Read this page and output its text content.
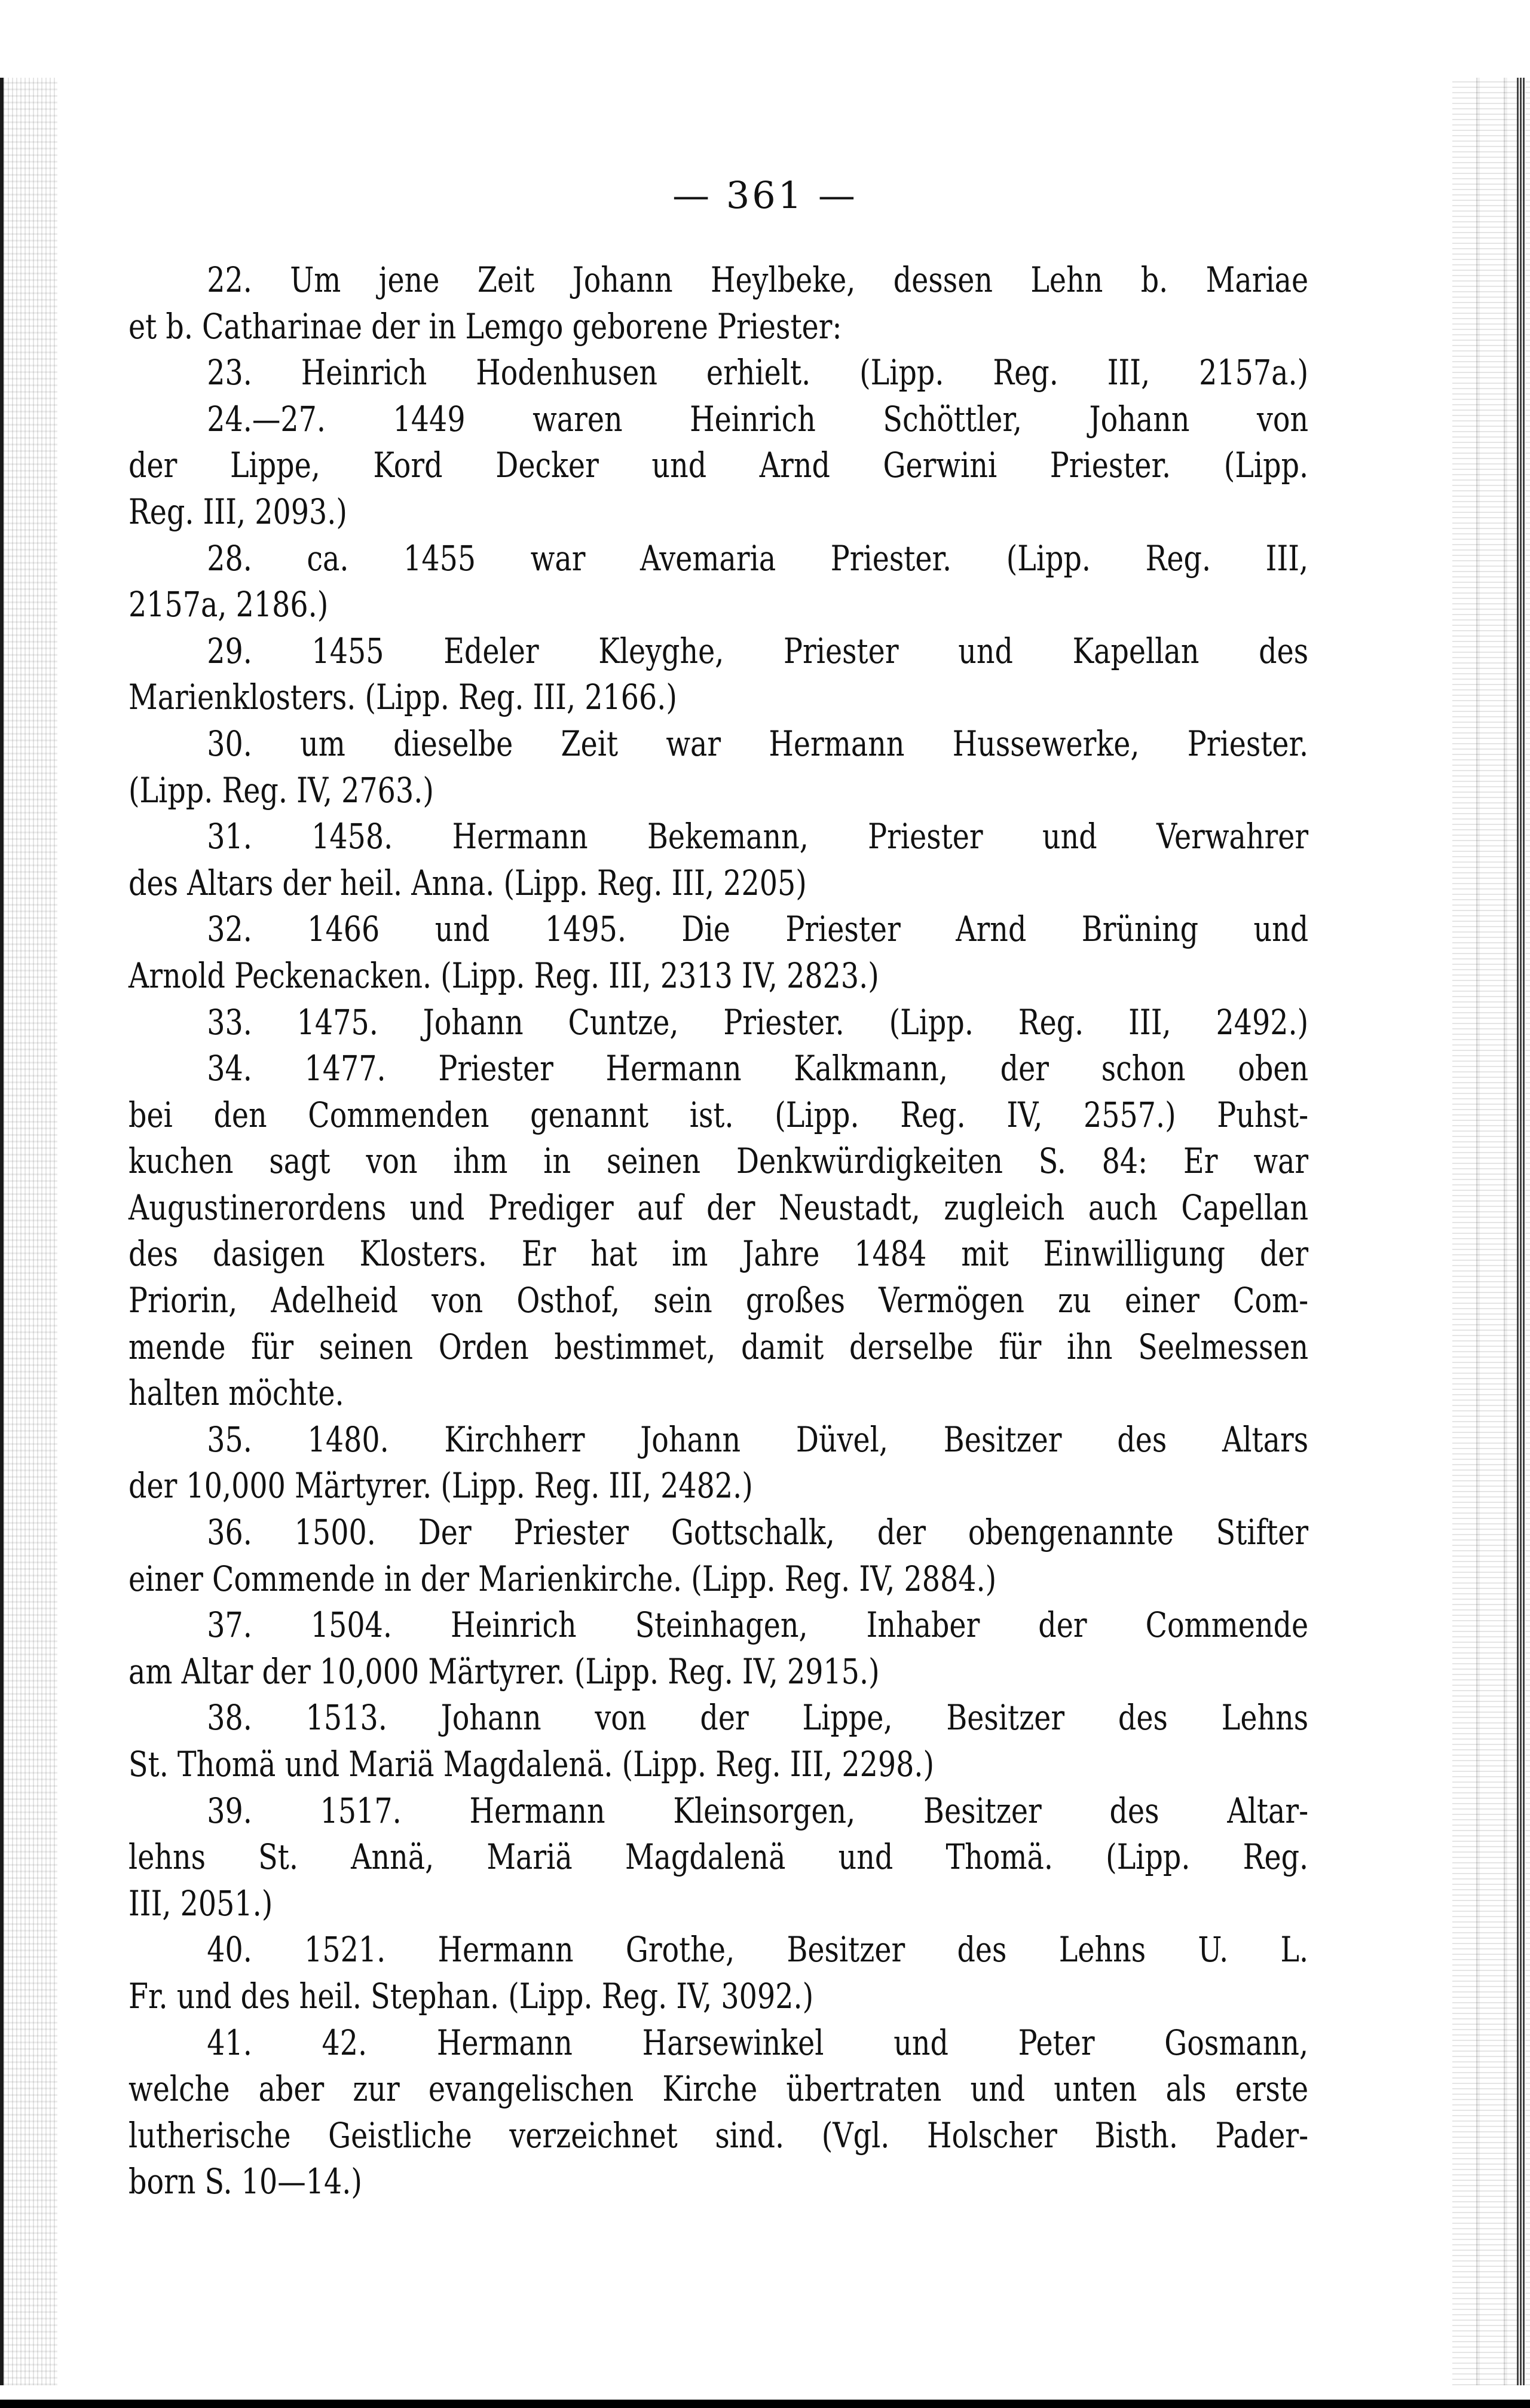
— 361 —
22. Um jene Zeit Johann Heylbeke, dessen Lehn b. Mariae
et b. Catharinae der in Lemgo geborene Priester:
23. Heinrich Hodenhusen erhielt. (Lipp. Reg. III, 2157a.)
24.—27. 1449 waren Heinrich Schöttler, Johann von
der Lippe, Kord Decker und Arnd Gerwini Priester. (Lipp.
Reg. III, 2093.)
28. ca. 1455 war Avemaria Priester. (Lipp. Reg. III,
2157a, 2186.)
29. 1455 Edeler Kleyghe, Priester und Kapellan des
Marienklosters. (Lipp. Reg. III, 2166.)
30. um dieselbe Zeit war Hermann Hussewerke, Priester.
(Lipp. Reg. IV, 2763.)
31. 1458. Hermann Bekemann, Priester und Verwahrer
des Altars der heil. Anna. (Lipp. Reg. III, 2205)
32. 1466 und 1495. Die Priester Arnd Brüning und
Arnold Peckenacken. (Lipp. Reg. III, 2313 IV, 2823.)
33. 1475. Johann Cuntze, Priester. (Lipp. Reg. III, 2492.)
34. 1477. Priester Hermann Kalkmann, der schon oben
bei den Commenden genannt ist. (Lipp. Reg. IV, 2557.) Puhst-
kuchen sagt von ihm in seinen Denkwürdigkeiten S. 84: Er war
Augustinerordens und Prediger auf der Neustadt, zugleich auch Capellan
des dasigen Klosters. Er hat im Jahre 1484 mit Einwilligung der
Priorin, Adelheid von Osthof, sein großes Vermögen zu einer Com-
mende für seinen Orden bestimmet, damit derselbe für ihn Seelmessen
halten möchte.
35. 1480. Kirchherr Johann Düvel, Besitzer des Altars
der 10,000 Märtyrer. (Lipp. Reg. III, 2482.)
36. 1500. Der Priester Gottschalk, der obengenannte Stifter
einer Commende in der Marienkirche. (Lipp. Reg. IV, 2884.)
37. 1504. Heinrich Steinhagen, Inhaber der Commende
am Altar der 10,000 Märtyrer. (Lipp. Reg. IV, 2915.)
38. 1513. Johann von der Lippe, Besitzer des Lehns
St. Thomä und Mariä Magdalenä. (Lipp. Reg. III, 2298.)
39. 1517. Hermann Kleinsorgen, Besitzer des Altar-
lehns St. Annä, Mariä Magdalenä und Thomä. (Lipp. Reg.
III, 2051.)
40. 1521. Hermann Grothe, Besitzer des Lehns U. L.
Fr. und des heil. Stephan. (Lipp. Reg. IV, 3092.)
41. 42. Hermann Harsewinkel und Peter Gosmann,
welche aber zur evangelischen Kirche übertraten und unten als erste
lutherische Geistliche verzeichnet sind. (Vgl. Holscher Bisth. Pader-
born S. 10—14.)
